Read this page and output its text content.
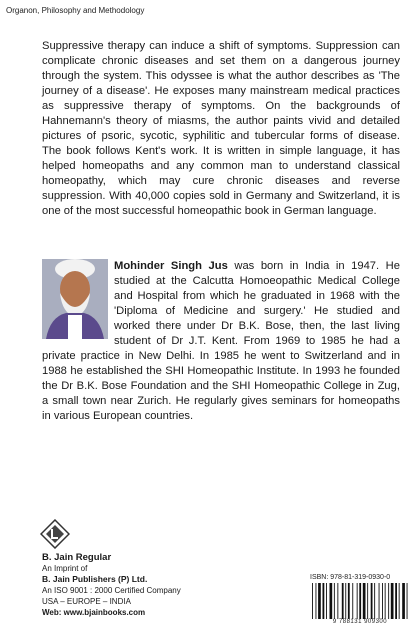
Organon, Philosophy and Methodology

Suppressive therapy can induce a shift of symptoms. Suppression can complicate chronic diseases and set them on a dangerous journey through the system. This odyssee is what the author describes as 'The journey of a disease'. He exposes many mainstream medical practices as suppressive therapy of symptoms. On the backgrounds of Hahnemann's theory of miasms, the author paints vivid and detailed pictures of psoric, sycotic, syphilitic and tubercular forms of disease. The book follows Kent's work. It is written in simple language, it has helped homeopaths and any common man to understand classical homeopathy, which may cure chronic diseases and reverse suppression. With 40,000 copies sold in Germany and Switzerland, it is one of the most successful homeopathic book in German language.

Mohinder Singh Jus was born in India in 1947. He studied at the Calcutta Homoeopathic Medical College and Hospital from which he graduated in 1968 with the 'Diploma of Medicine and surgery.' He studied and worked there under Dr B.K. Bose, then, the last living student of Dr J.T. Kent. From 1969 to 1985 he had a private practice in New Delhi. In 1985 he went to Switzerland and in 1988 he established the SHI Homeopathic Institute. In 1993 he founded the Dr B.K. Bose Foundation and the SHI Homeopathic College in Zug, a small town near Zurich. He regularly gives seminars for homeopaths in various European countries.

B. Jain Regular
An Imprint of
B. Jain Publishers (P) Ltd.
An ISO 9001 : 2000 Certified Company
USA – EUROPE – INDIA
Web: www.bjainbooks.com
ISBN: 978-81-319-0930-0
9 788131 909300
